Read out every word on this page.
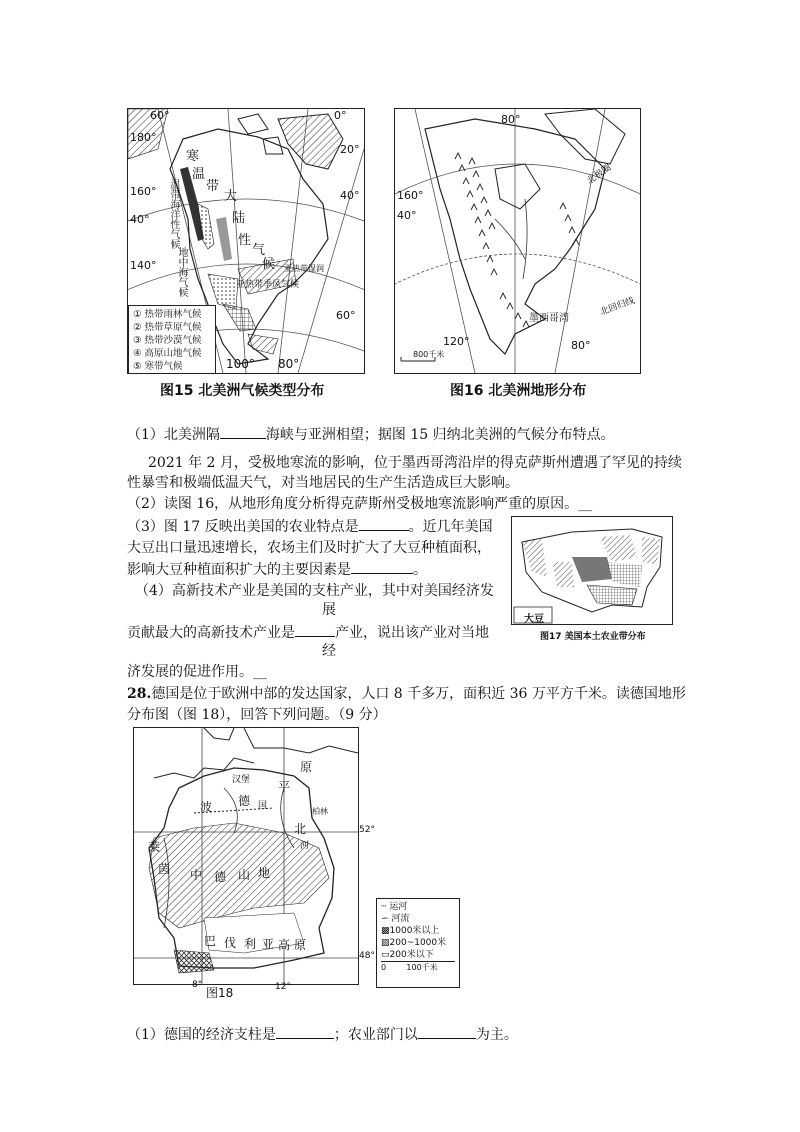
60°
180°
160°
40°
140°
100° 80°
60°
0°
20°
40°
寒
温
带
大
陆
性
气
候
温带海洋性气候
地中海气候	亚热带季风气候
亚热带湿润
① 热带雨林气候
② 热带草原气候
③ 热带沙漠气候
④ 高原山地气候
⑤ 寒带气候
图15 北美洲气候类型分布
80°
160°
40°
120°	80°
墨西哥湾
北回归线
北极圈
800千米
图16 北美洲地形分布
（1）北美洲隔	海峡与亚洲相望；据图 15 归纳北美洲的气候分布特点。
2021 年 2 月，受极地寒流的影响，位于墨西哥湾沿岸的得克萨斯州遭遇了罕见的持续
性暴雪和极端低温天气，对当地居民的生产生活造成巨大影响。
（2）读图 16，从地形角度分析得克萨斯州受极地寒流影响严重的原因。__
（3）图 17 反映出美国的农业特点是	。近几年美国
大豆出口量迅速增长，农场主们及时扩大了大豆种植面积，
影响大豆种植面积扩大的主要因素是	。
（4）高新技术产业是美国的支柱产业，其中对美国经济发
展
贡献最大的高新技术产业是	产业，说出该产业对当地
经
济发展的促进作用。__
大豆
图17 美国本土农业带分布
28.德国是位于欧洲中部的发达国家，人口 8 千多万，面积近 36 万平方千米。读德国地形
分布图（图 18），回答下列问题。（9 分）
平
原
汉堡
德 国
波	柏林
北
莱
茵 中 德 山 地
河
巴 伐 利 亚 高 原
52°
48°
8°	12°
图18
┄ 运河
∽ 河流
▩1000米以上
▧200~1000米
▭200米以下
0        100千米
（1）德国的经济支柱是	；农业部门以	为主。
